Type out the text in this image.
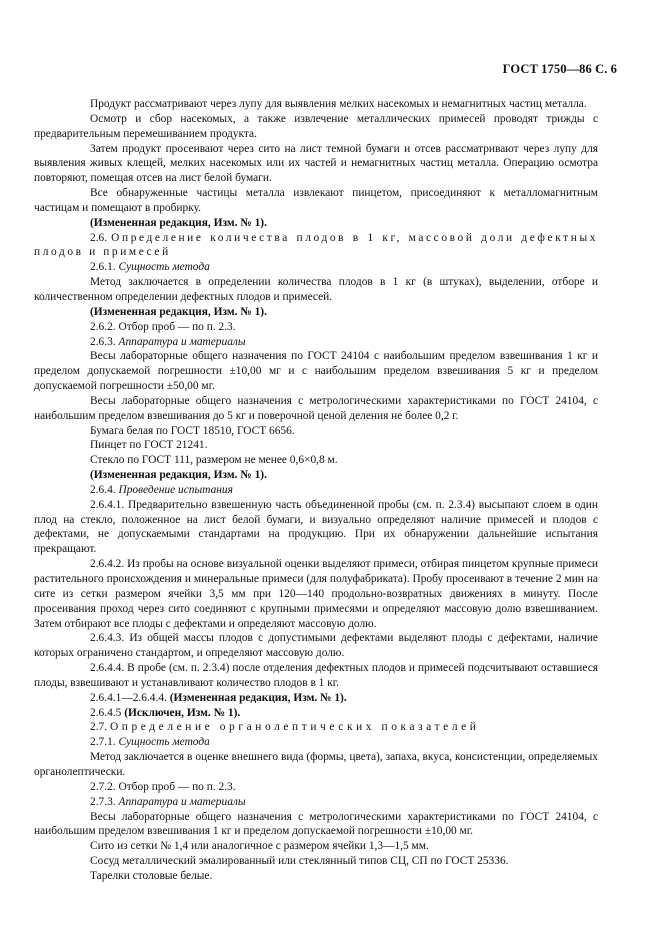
ГОСТ 1750—86 С. 6

Продукт рассматривают через лупу для выявления мелких насекомых и немагнитных частиц металла.

Осмотр и сбор насекомых, а также извлечение металлических примесей проводят трижды с предварительным перемешиванием продукта.

Затем продукт просеивают через сито на лист темной бумаги и отсев рассматривают через лупу для выявления живых клещей, мелких насекомых или их частей и немагнитных частиц металла. Операцию осмотра повторяют, помещая отсев на лист белой бумаги.

Все обнаруженные частицы металла извлекают пинцетом, присоединяют к металломагнитным частицам и помещают в пробирку.

(Измененная редакция, Изм. № 1).

2.6. Определение количества плодов в 1 кг, массовой доли дефектных плодов и примесей

2.6.1. Сущность метода

Метод заключается в определении количества плодов в 1 кг (в штуках), выделении, отборе и количественном определении дефектных плодов и примесей.

(Измененная редакция, Изм. № 1).

2.6.2. Отбор проб — по п. 2.3.

2.6.3. Аппаратура и материалы

Весы лабораторные общего назначения по ГОСТ 24104 с наибольшим пределом взвешивания 1 кг и пределом допускаемой погрешности ±10,00 мг и с наибольшим пределом взвешивания 5 кг и пределом допускаемой погрешности ±50,00 мг.

Весы лабораторные общего назначения с метрологическими характеристиками по ГОСТ 24104, с наибольшим пределом взвешивания до 5 кг и поверочной ценой деления не более 0,2 г.

Бумага белая по ГОСТ 18510, ГОСТ 6656.

Пинцет по ГОСТ 21241.

Стекло по ГОСТ 111, размером не менее 0,6×0,8 м.

(Измененная редакция, Изм. № 1).

2.6.4. Проведение испытания

2.6.4.1. Предварительно взвешенную часть объединенной пробы (см. п. 2.3.4) высыпают слоем в один плод на стекло, положенное на лист белой бумаги, и визуально определяют наличие примесей и плодов с дефектами, не допускаемыми стандартами на продукцию. При их обнаружении дальнейшие испытания прекращают.

2.6.4.2. Из пробы на основе визуальной оценки выделяют примеси, отбирая пинцетом крупные примеси растительного происхождения и минеральные примеси (для полуфабриката). Пробу просеивают в течение 2 мин на сите из сетки размером ячейки 3,5 мм при 120—140 продольно-возвратных движениях в минуту. После просеивания проход через сито соединяют с крупными примесями и определяют массовую долю взвешиванием. Затем отбирают все плоды с дефектами и определяют массовую долю.

2.6.4.3. Из общей массы плодов с допустимыми дефектами выделяют плоды с дефектами, наличие которых ограничено стандартом, и определяют массовую долю.

2.6.4.4. В пробе (см. п. 2.3.4) после отделения дефектных плодов и примесей подсчитывают оставшиеся плоды, взвешивают и устанавливают количество плодов в 1 кг.

2.6.4.1—2.6.4.4. (Измененная редакция, Изм. № 1).

2.6.4.5 (Исключен, Изм. № 1).

2.7. Определение органолептических показателей

2.7.1. Сущность метода

Метод заключается в оценке внешнего вида (формы, цвета), запаха, вкуса, консистенции, определяемых органолептически.

2.7.2. Отбор проб — по п. 2.3.

2.7.3. Аппаратура и материалы

Весы лабораторные общего назначения с метрологическими характеристиками по ГОСТ 24104, с наибольшим пределом взвешивания 1 кг и пределом допускаемой погрешности ±10,00 мг.

Сито из сетки № 1,4 или аналогичное с размером ячейки 1,3—1,5 мм.

Сосуд металлический эмалированный или стеклянный типов СЦ, СП по ГОСТ 25336.

Тарелки столовые белые.
